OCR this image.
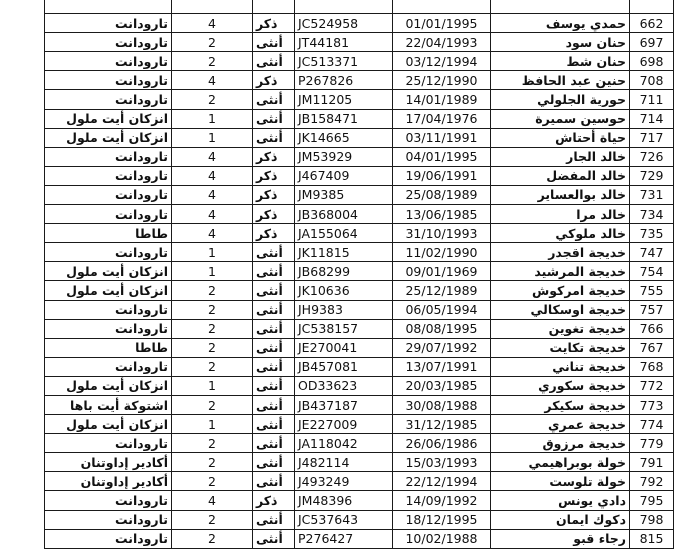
تارودانت	4	ذكر	JC524958	01/01/1995	حمدي يوسف	662
تارودانت	2	أنثى	JT44181	22/04/1993	حنان سود	697
تارودانت	2	أنثى	JC513371	03/12/1994	حنان شط	698
تارودانت	4	ذكر	P267826	25/12/1990	حنين عبد الحافظ	708
تارودانت	2	أنثى	JM11205	14/01/1989	حورية الجلولي	711
انزكان أيت ملول	1	أنثى	JB158471	17/04/1976	حوسين سميرة	714
انزكان أيت ملول	1	أنثى	JK14665	03/11/1991	حياة أحتاش	717
تارودانت	4	ذكر	JM53929	04/01/1995	خالد الجار	726
تارودانت	4	ذكر	J467409	19/06/1991	خالد المفضل	729
تارودانت	4	ذكر	JM9385	25/08/1989	خالد بوالعساير	731
تارودانت	4	ذكر	JB368004	13/06/1985	خالد مرا	734
طاطا	4	ذكر	JA155064	31/10/1993	خالد ملوكي	735
تارودانت	1	أنثى	JK11815	11/02/1990	خديجة اقجدر	747
انزكان أيت ملول	1	أنثى	JB68299	09/01/1969	خديجة المرشيد	754
انزكان أيت ملول	2	أنثى	JK10636	25/12/1989	خديجة امركوش	755
تارودانت	2	أنثى	JH9383	06/05/1994	خديجة اوسكالي	757
تارودانت	2	أنثى	JC538157	08/08/1995	خديجة تغوين	766
طاطا	2	أنثى	JE270041	29/07/1992	خديجة تكايت	767
تارودانت	2	أنثى	JB457081	13/07/1991	خديجة تناني	768
انزكان أيت ملول	1	أنثى	OD33623	20/03/1985	خديجة سكوري	772
اشتوكة أيت باها	2	أنثى	JB437187	30/08/1988	خديجة سكيكر	773
انزكان أيت ملول	1	أنثى	JE227009	31/12/1985	خديجة عمري	774
تارودانت	2	أنثى	JA118042	26/06/1986	خديجة مرزوق	779
أكادير إداوتنان	2	أنثى	J482114	15/03/1993	خولة بوبراهيمي	791
أكادير إداوتنان	2	أنثى	J493249	22/12/1994	خولة تلوست	792
تارودانت	4	ذكر	JM48396	14/09/1992	دادي يونس	795
تارودانت	2	أنثى	JC537643	18/12/1995	دكوك ايمان	798
تارودانت	2	أنثى	P276427	10/02/1988	رجاء قبو	815
